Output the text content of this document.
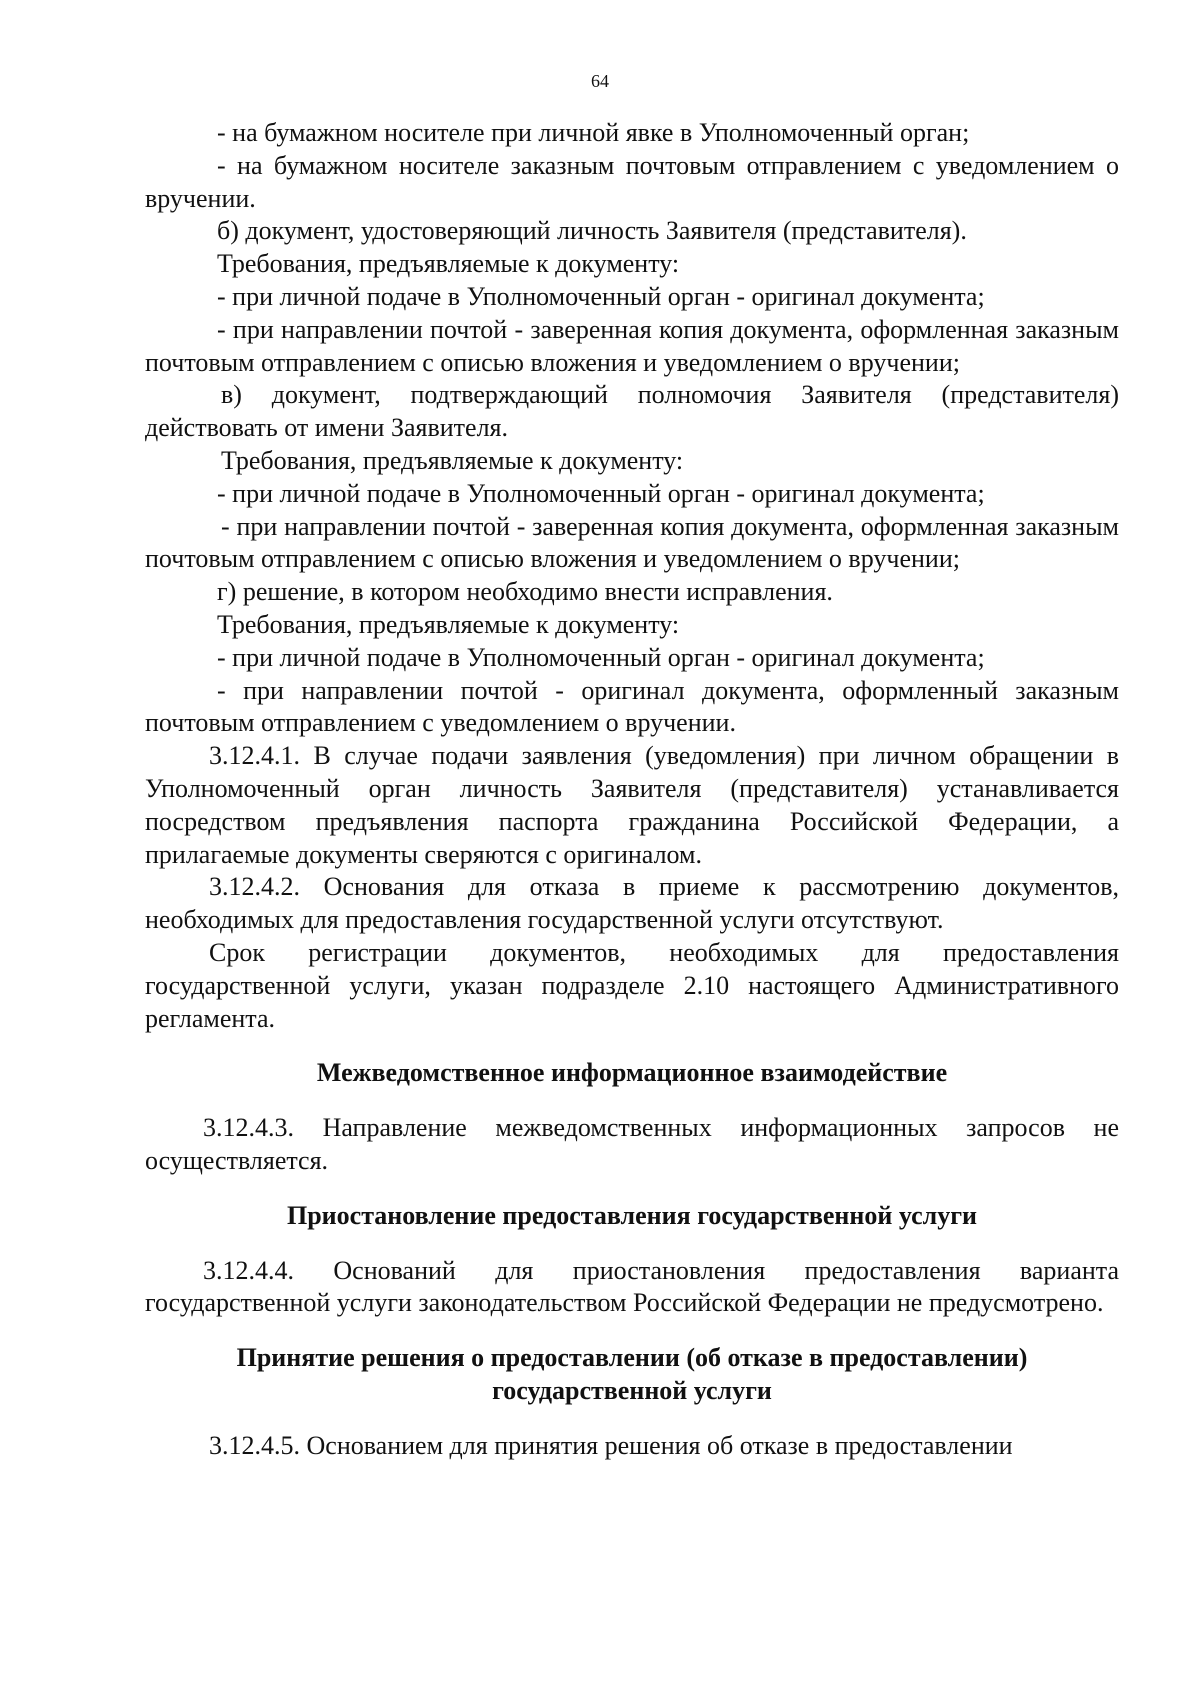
64

- на бумажном носителе при личной явке в Уполномоченный орган;

- на бумажном носителе заказным почтовым отправлением с уведомлением о вручении.

б) документ, удостоверяющий личность Заявителя (представителя).

Требования, предъявляемые к документу:

- при личной подаче в Уполномоченный орган - оригинал документа;

- при направлении почтой - заверенная копия документа, оформленная заказным почтовым отправлением с описью вложения и уведомлением о вручении;

в) документ, подтверждающий полномочия Заявителя (представителя) действовать от имени Заявителя.

Требования, предъявляемые к документу:

- при личной подаче в Уполномоченный орган - оригинал документа;

- при направлении почтой - заверенная копия документа, оформленная заказным почтовым отправлением с описью вложения и уведомлением о вручении;

г) решение, в котором необходимо внести исправления.

Требования, предъявляемые к документу:

- при личной подаче в Уполномоченный орган - оригинал документа;

- при направлении почтой - оригинал документа, оформленный заказным почтовым отправлением с уведомлением о вручении.

3.12.4.1. В случае подачи заявления (уведомления) при личном обращении в Уполномоченный орган личность Заявителя (представителя) устанавливается посредством предъявления паспорта гражданина Российской Федерации, а прилагаемые документы сверяются с оригиналом.

3.12.4.2. Основания для отказа в приеме к рассмотрению документов, необходимых для предоставления государственной услуги отсутствуют.

Срок регистрации документов, необходимых для предоставления государственной услуги, указан подразделе 2.10 настоящего Административного регламента.

Межведомственное информационное взаимодействие

3.12.4.3. Направление межведомственных информационных запросов не осуществляется.

Приостановление предоставления государственной услуги

3.12.4.4. Оснований для приостановления предоставления варианта государственной услуги законодательством Российской Федерации не предусмотрено.

Принятие решения о предоставлении (об отказе в предоставлении)

государственной услуги

3.12.4.5. Основанием для принятия решения об отказе в предоставлении
